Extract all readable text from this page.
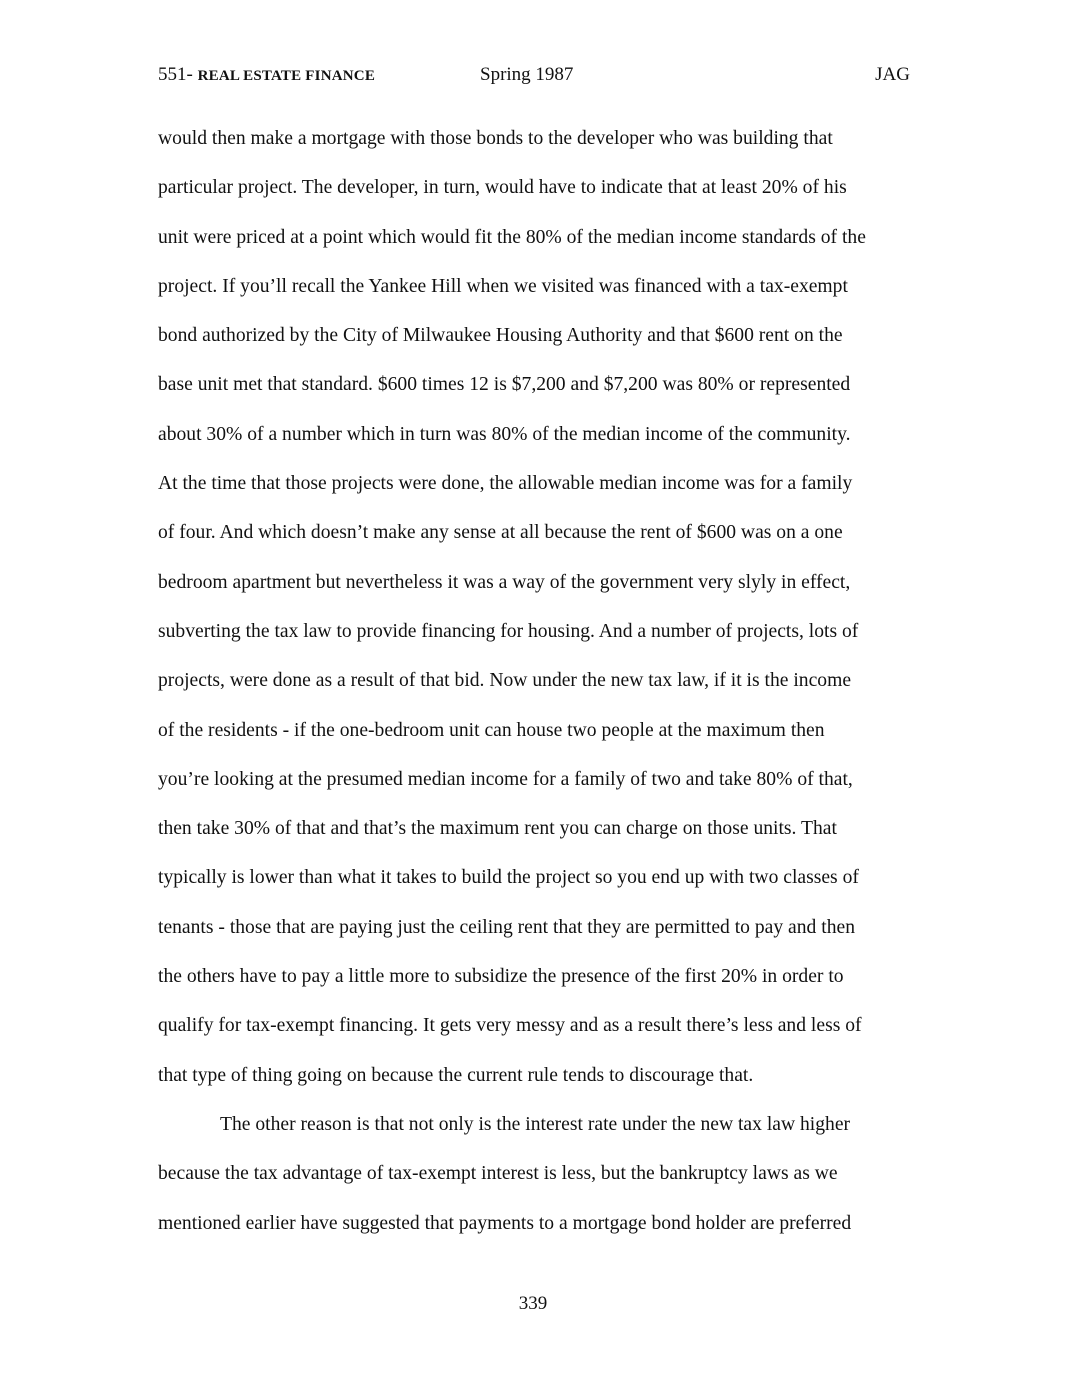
551- REAL ESTATE FINANCE	Spring 1987	JAG
would then make a mortgage with those bonds to the developer who was building that
particular project. The developer, in turn, would have to indicate that at least 20% of his
unit were priced at a point which would fit the 80% of the median income standards of the
project. If you’ll recall the Yankee Hill when we visited was financed with a tax-exempt
bond authorized by the City of Milwaukee Housing Authority and that $600 rent on the
base unit met that standard. $600 times 12 is $7,200 and $7,200 was 80% or represented
about 30% of a number which in turn was 80% of the median income of the community.
At the time that those projects were done, the allowable median income was for a family
of four. And which doesn’t make any sense at all because the rent of $600 was on a one
bedroom apartment but nevertheless it was a way of the government very slyly in effect,
subverting the tax law to provide financing for housing. And a number of projects, lots of
projects, were done as a result of that bid. Now under the new tax law, if it is the income
of the residents - if the one-bedroom unit can house two people at the maximum then
you’re looking at the presumed median income for a family of two and take 80% of that,
then take 30% of that and that’s the maximum rent you can charge on those units. That
typically is lower than what it takes to build the project so you end up with two classes of
tenants - those that are paying just the ceiling rent that they are permitted to pay and then
the others have to pay a little more to subsidize the presence of the first 20% in order to
qualify for tax-exempt financing. It gets very messy and as a result there’s less and less of
that type of thing going on because the current rule tends to discourage that.
The other reason is that not only is the interest rate under the new tax law higher
because the tax advantage of tax-exempt interest is less, but the bankruptcy laws as we
mentioned earlier have suggested that payments to a mortgage bond holder are preferred
339
